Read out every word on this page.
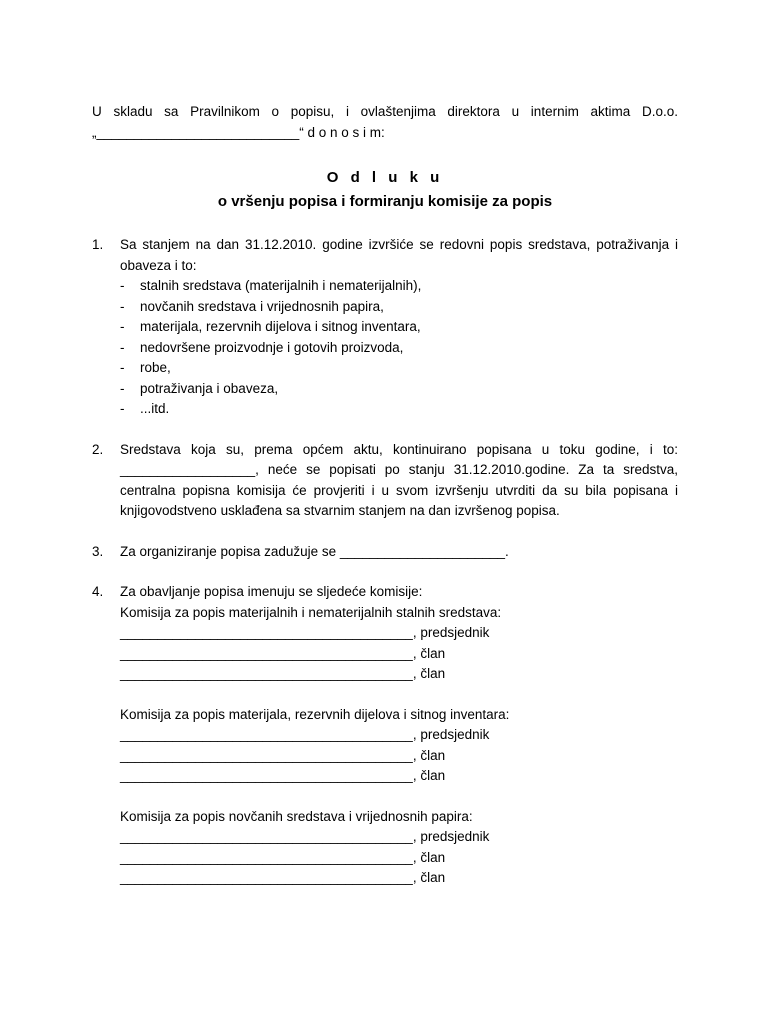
U skladu sa Pravilnikom o popisu, i ovlaštenjima direktora u internim aktima D.o.o.

„___________________________“ d o n o s i m:

O d l u k u
o vršenju popisa i formiranju komisije za popis
1.	Sa stanjem na dan 31.12.2010. godine izvršiće se redovni popis sredstava, potraživanja i obaveza i to:
-	stalnih sredstava (materijalnih i nematerijalnih),
-	novčanih sredstava i vrijednosnih papira,
-	materijala, rezervnih dijelova i sitnog inventara,
-	nedovršene proizvodnje i gotovih proizvoda,
-	robe,
-	potraživanja i obaveza,
-	...itd.
2.	Sredstava koja su, prema općem aktu, kontinuirano popisana u toku godine, i to: __________________, neće se popisati po stanju 31.12.2010.godine. Za ta sredstva, centralna popisna komisija će provjeriti i u svom izvršenju utvrditi da su bila popisana i knjigovodstveno usklađena sa stvarnim stanjem na dan izvršenog popisa.
3.	Za organiziranje popisa zadužuje se ______________________.
4.	Za obavljanje popisa imenuju se sljedeće komisije:
Komisija za popis materijalnih i nematerijalnih stalnih sredstava:
_______________________________________, predsjednik
_______________________________________, član
_______________________________________, član
Komisija za popis materijala, rezervnih dijelova i sitnog inventara:
_______________________________________, predsjednik
_______________________________________, član
_______________________________________, član
Komisija za popis novčanih sredstava i vrijednosnih papira:
_______________________________________, predsjednik
_______________________________________, član
_______________________________________, član
